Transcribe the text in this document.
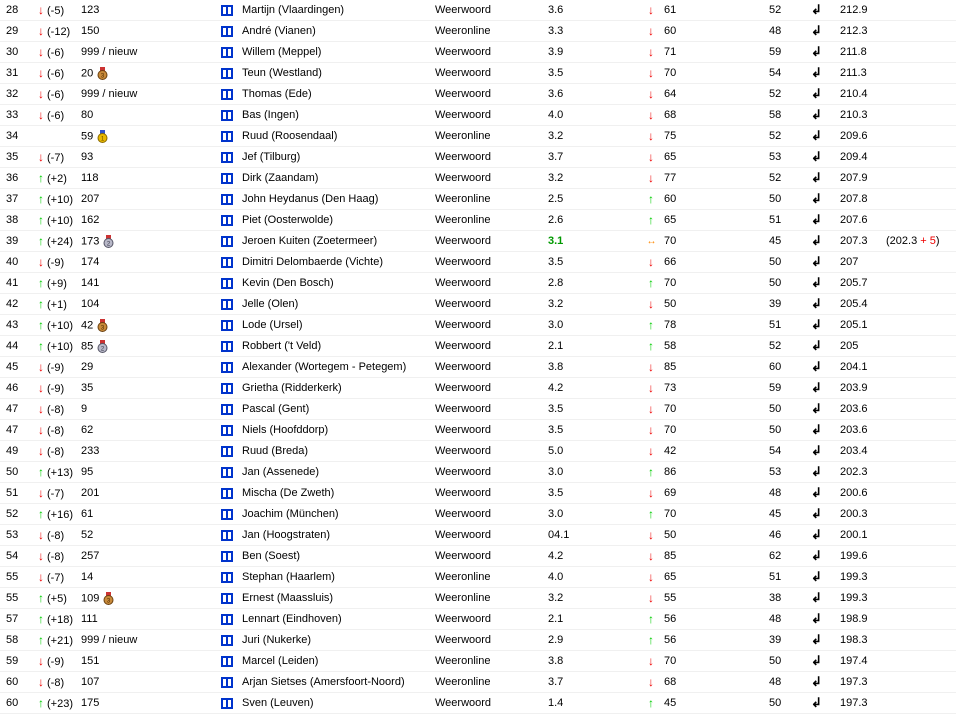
28	↓ (-5)	123		Martijn (Vlaardingen)	Weerwoord	3.6	↓	61	52	↲	212.9	
29	↓ (-12)	150		André (Vianen)	Weeronline	3.3	↓	60	48	↲	212.3	
30	↓ (-6)	999 / nieuw		Willem (Meppel)	Weerwoord	3.9	↓	71	59	↲	211.8	
31	↓ (-6)	20 3		Teun (Westland)	Weerwoord	3.5	↓	70	54	↲	211.3	
32	↓ (-6)	999 / nieuw		Thomas (Ede)	Weerwoord	3.6	↓	64	52	↲	210.4	
33	↓ (-6)	80		Bas (Ingen)	Weerwoord	4.0	↓	68	58	↲	210.3	
34		59 1		Ruud (Roosendaal)	Weeronline	3.2	↓	75	52	↲	209.6	
35	↓ (-7)	93		Jef (Tilburg)	Weerwoord	3.7	↓	65	53	↲	209.4	
36	↑ (+2)	118		Dirk (Zaandam)	Weerwoord	3.2	↓	77	52	↲	207.9	
37	↑ (+10)	207		John Heydanus (Den Haag)	Weeronline	2.5	↑	60	50	↲	207.8	
38	↑ (+10)	162		Piet (Oosterwolde)	Weeronline	2.6	↑	65	51	↲	207.6	
39	↑ (+24)	173 2		Jeroen Kuiten (Zoetermeer)	Weerwoord	3.1	↔	70	45	↲	207.3	(202.3 + 5)
40	↓ (-9)	174		Dimitri Delombaerde (Vichte)	Weerwoord	3.5	↓	66	50	↲	207	
41	↑ (+9)	141		Kevin (Den Bosch)	Weerwoord	2.8	↑	70	50	↲	205.7	
42	↑ (+1)	104		Jelle (Olen)	Weerwoord	3.2	↓	50	39	↲	205.4	
43	↑ (+10)	42 3		Lode (Ursel)	Weerwoord	3.0	↑	78	51	↲	205.1	
44	↑ (+10)	85 2		Robbert ('t Veld)	Weerwoord	2.1	↑	58	52	↲	205	
45	↓ (-9)	29		Alexander (Wortegem - Petegem)	Weerwoord	3.8	↓	85	60	↲	204.1	
46	↓ (-9)	35		Grietha (Ridderkerk)	Weerwoord	4.2	↓	73	59	↲	203.9	
47	↓ (-8)	9		Pascal (Gent)	Weerwoord	3.5	↓	70	50	↲	203.6	
47	↓ (-8)	62		Niels (Hoofddorp)	Weerwoord	3.5	↓	70	50	↲	203.6	
49	↓ (-8)	233		Ruud (Breda)	Weerwoord	5.0	↓	42	54	↲	203.4	
50	↑ (+13)	95		Jan (Assenede)	Weerwoord	3.0	↑	86	53	↲	202.3	
51	↓ (-7)	201		Mischa (De Zweth)	Weerwoord	3.5	↓	69	48	↲	200.6	
52	↑ (+16)	61		Joachim (München)	Weerwoord	3.0	↑	70	45	↲	200.3	
53	↓ (-8)	52		Jan (Hoogstraten)	Weerwoord	04.1	↓	50	46	↲	200.1	
54	↓ (-8)	257		Ben (Soest)	Weerwoord	4.2	↓	85	62	↲	199.6	
55	↓ (-7)	14		Stephan (Haarlem)	Weeronline	4.0	↓	65	51	↲	199.3	
55	↑ (+5)	109 3		Ernest (Maassluis)	Weeronline	3.2	↓	55	38	↲	199.3	
57	↑ (+18)	111		Lennart (Eindhoven)	Weerwoord	2.1	↑	56	48	↲	198.9	
58	↑ (+21)	999 / nieuw		Juri (Nukerke)	Weerwoord	2.9	↑	56	39	↲	198.3	
59	↓ (-9)	151		Marcel (Leiden)	Weeronline	3.8	↓	70	50	↲	197.4	
60	↓ (-8)	107		Arjan Sietses (Amersfoort-Noord)	Weeronline	3.7	↓	68	48	↲	197.3	
60	↑ (+23)	175		Sven (Leuven)	Weerwoord	1.4	↑	45	50	↲	197.3	
